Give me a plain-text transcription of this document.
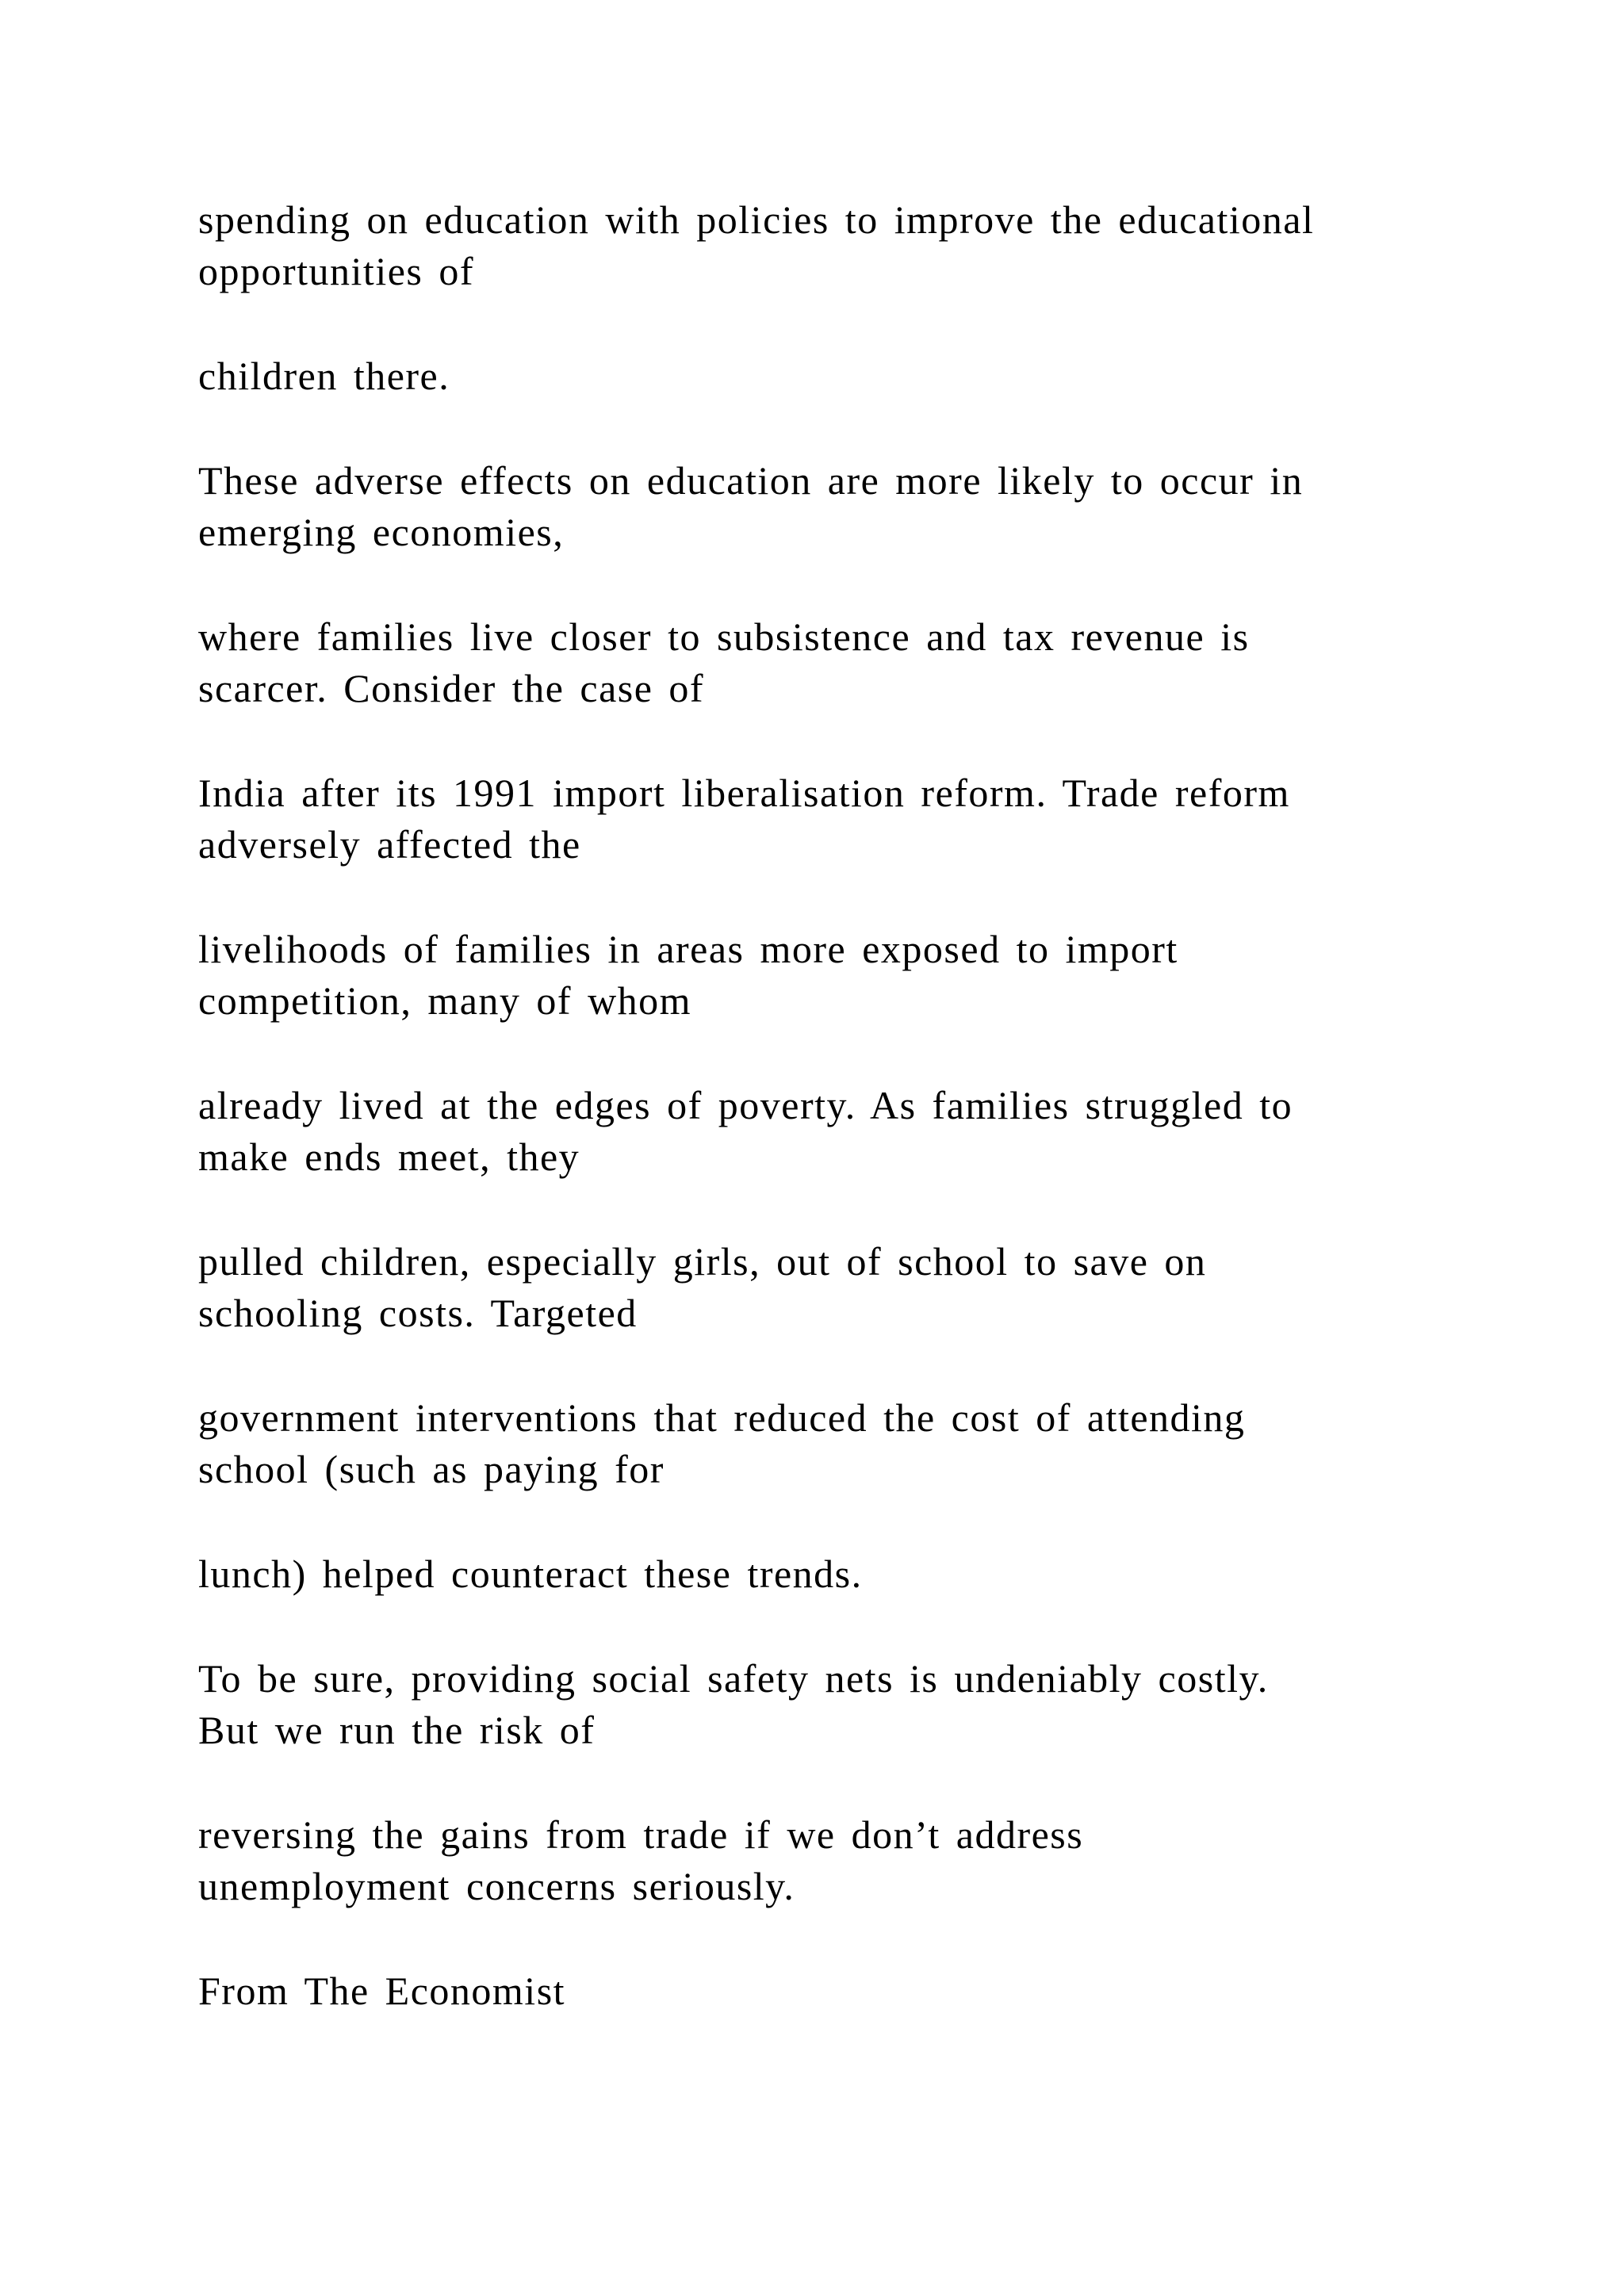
spending on education with policies to improve the educational
opportunities of

children there.

These adverse effects on education are more likely to occur in
emerging economies,

where families live closer to subsistence and tax revenue is
scarcer. Consider the case of

India after its 1991 import liberalisation reform. Trade reform
adversely affected the

livelihoods of families in areas more exposed to import
competition, many of whom

already lived at the edges of poverty. As families struggled to
make ends meet, they

pulled children, especially girls, out of school to save on
schooling costs. Targeted

government interventions that reduced the cost of attending
school (such as paying for

lunch) helped counteract these trends.

To be sure, providing social safety nets is undeniably costly.
But we run the risk of

reversing the gains from trade if we don’t address
unemployment concerns seriously.

From The Economist
